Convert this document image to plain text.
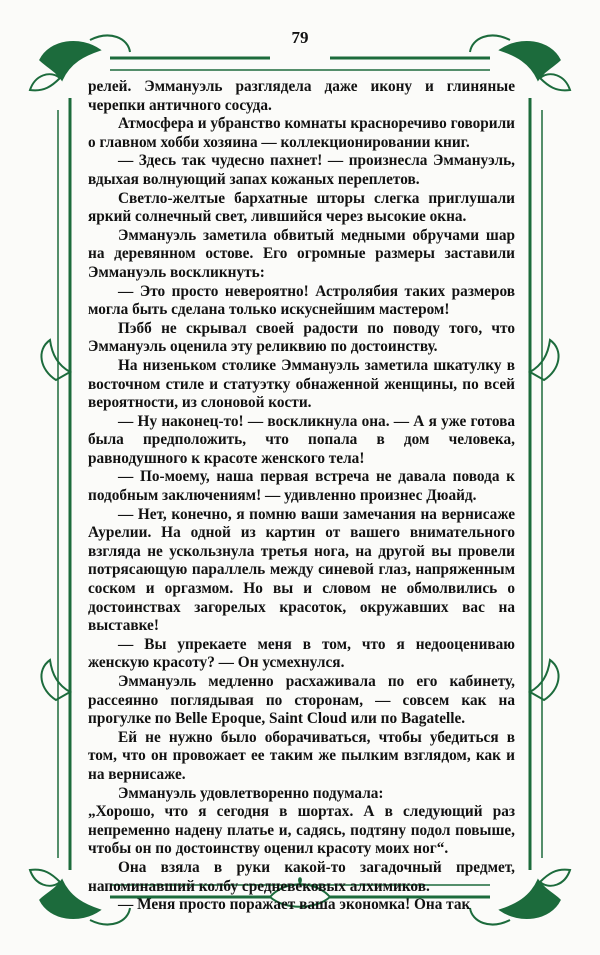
79

релей. Эммануэль разглядела даже икону и глиняные черепки античного сосуда.

Атмосфера и убранство комнаты красноречиво говорили о главном хобби хозяина — коллекционировании книг.

— Здесь так чудесно пахнет! — произнесла Эммануэль, вдыхая волнующий запах кожаных переплетов.

Светло-желтые бархатные шторы слегка приглушали яркий солнечный свет, лившийся через высокие окна.

Эммануэль заметила обвитый медными обручами шар на деревянном остове. Его огромные размеры заставили Эммануэль воскликнуть:

— Это просто невероятно! Астролябия таких размеров могла быть сделана только искуснейшим мастером!

Пэбб не скрывал своей радости по поводу того, что Эммануэль оценила эту реликвию по достоинству.

На низеньком столике Эммануэль заметила шкатулку в восточном стиле и статуэтку обнаженной женщины, по всей вероятности, из слоновой кости.

— Ну наконец-то! — воскликнула она. — А я уже готова была предположить, что попала в дом человека, равнодушного к красоте женского тела!

— По-моему, наша первая встреча не давала повода к подобным заключениям! — удивленно произнес Дюайд.

— Нет, конечно, я помню ваши замечания на вернисаже Аурелии. На одной из картин от вашего внимательного взгляда не ускользнула третья нога, на другой вы провели потрясающую параллель между синевой глаз, напряженным соском и оргазмом. Но вы и словом не обмолвились о достоинствах загорелых красоток, окружавших вас на выставке!

— Вы упрекаете меня в том, что я недооцениваю женскую красоту? — Он усмехнулся.

Эммануэль медленно расхаживала по его кабинету, рассеянно поглядывая по сторонам, — совсем как на прогулке по Belle Epoque, Saint Cloud или по Bagatelle.

Ей не нужно было оборачиваться, чтобы убедиться в том, что он провожает ее таким же пылким взглядом, как и на вернисаже.

Эммануэль удовлетворенно подумала:

„Хорошо, что я сегодня в шортах. А в следующий раз непременно надену платье и, садясь, подтяну подол повыше, чтобы он по достоинству оценил красоту моих ног“.

Она взяла в руки какой-то загадочный предмет, напоминавший колбу средневековых алхимиков.

— Меня просто поражает ваша экономка! Она так
